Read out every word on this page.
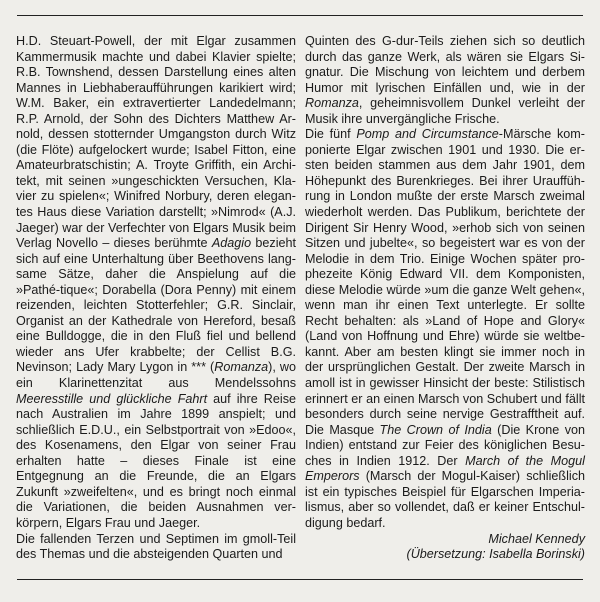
H.D. Steuart-Powell, der mit Elgar zusammen Kammermusik machte und dabei Klavier spielte; R.B. Townshend, dessen Darstellung eines alten Mannes in Liebhaberaufführungen karikiert wird; W.M. Baker, ein extravertierter Landedelmann; R.P. Arnold, der Sohn des Dichters Matthew Arnold, dessen stotternder Umgangston durch Witz (die Flöte) aufgelockert wurde; Isabel Fitton, eine Amateurbratschistin; A. Troyte Griffith, ein Architekt, mit seinen »ungeschickten Versuchen, Klavier zu spielen«; Winifred Norbury, deren elegantes Haus diese Variation darstellt; »Nimrod« (A.J. Jaeger) war der Verfechter von Elgars Musik beim Verlag Novello – dieses berühmte Adagio bezieht sich auf eine Unterhaltung über Beethovens langsame Sätze, daher die Anspielung auf die »Pathé-tique«; Dorabella (Dora Penny) mit einem reizenden, leichten Stotterfehler; G.R. Sinclair, Organist an der Kathedrale von Hereford, besaß eine Bulldogge, die in den Fluß fiel und bellend wieder ans Ufer krabbelte; der Cellist B.G. Nevinson; Lady Mary Lygon in *** (Romanza), wo ein Klarinettenzitat aus Mendelssohns Meeresstille und glückliche Fahrt auf ihre Reise nach Australien im Jahre 1899 anspielt; und schließlich E.D.U., ein Selbstportrait von »Edoo«, des Kosenamens, den Elgar von seiner Frau erhalten hatte – dieses Finale ist eine Entgegnung an die Freunde, die an Elgars Zukunft »zweifelten«, und es bringt noch einmal die Variationen, die beiden Ausnahmen verkörpern, Elgars Frau und Jaeger.

Die fallenden Terzen und Septimen im gmoll-Teil des Themas und die absteigenden Quarten und

Quinten des G-dur-Teils ziehen sich so deutlich durch das ganze Werk, als wären sie Elgars Signatur. Die Mischung von leichtem und derbem Humor mit lyrischen Einfällen und, wie in der Romanza, geheimnisvollem Dunkel verleiht der Musik ihre unvergängliche Frische.

Die fünf Pomp and Circumstance-Märsche komponierte Elgar zwischen 1901 und 1930. Die ersten beiden stammen aus dem Jahr 1901, dem Höhepunkt des Burenkrieges. Bei ihrer Uraufführung in London mußte der erste Marsch zweimal wiederholt werden. Das Publikum, berichtete der Dirigent Sir Henry Wood, »erhob sich von seinen Sitzen und jubelte«, so begeistert war es von der Melodie in dem Trio. Einige Wochen später prophezeite König Edward VII. dem Komponisten, diese Melodie würde »um die ganze Welt gehen«, wenn man ihr einen Text unterlegte. Er sollte Recht behalten: als »Land of Hope and Glory« (Land von Hoffnung und Ehre) würde sie weltbekannt. Aber am besten klingt sie immer noch in der ursprünglichen Gestalt. Der zweite Marsch in amoll ist in gewisser Hinsicht der beste: Stilistisch erinnert er an einen Marsch von Schubert und fällt besonders durch seine nervige Gestrafftheit auf. Die Masque The Crown of India (Die Krone von Indien) entstand zur Feier des königlichen Besuches in Indien 1912. Der March of the Mogul Emperors (Marsch der Mogul-Kaiser) schließlich ist ein typisches Beispiel für Elgarschen Imperialismus, aber so vollendet, daß er keiner Entschuldigung bedarf.

Michael Kennedy

(Übersetzung: Isabella Borinski)
